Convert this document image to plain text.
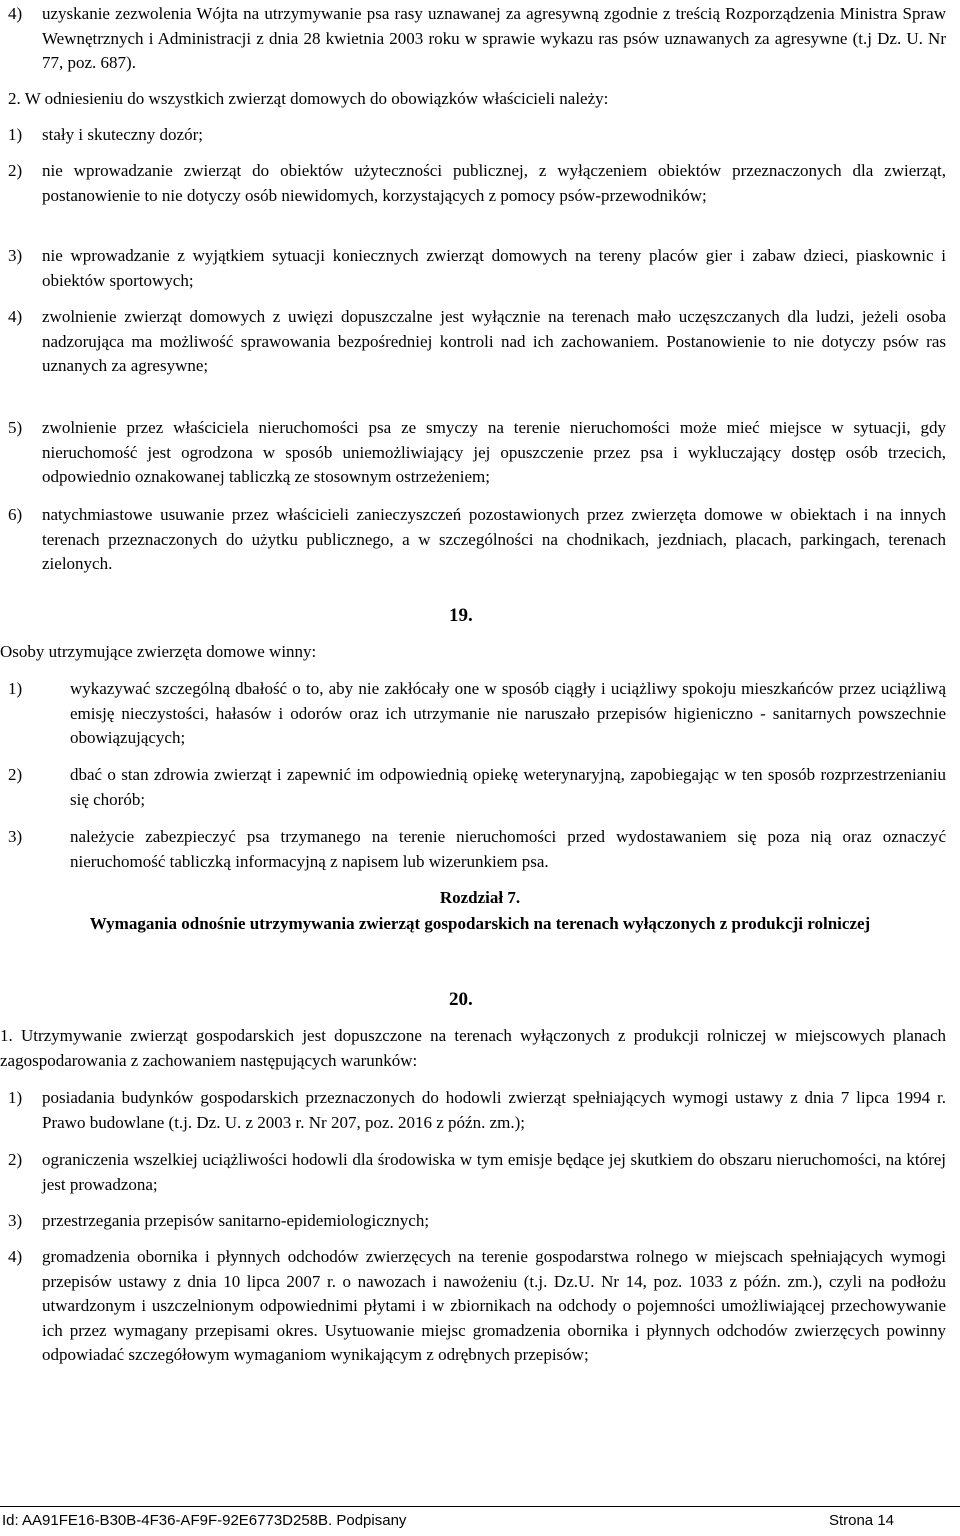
4) uzyskanie zezwolenia Wójta na utrzymywanie psa rasy uznawanej za agresywną zgodnie z treścią Rozporządzenia Ministra Spraw Wewnętrznych i Administracji z dnia 28 kwietnia 2003 roku w sprawie wykazu ras psów uznawanych za agresywne (t.j Dz. U. Nr 77, poz. 687).
2. W odniesieniu do wszystkich zwierząt domowych do obowiązków właścicieli należy:
1) stały i skuteczny dozór;
2) nie wprowadzanie zwierząt do obiektów użyteczności publicznej, z wyłączeniem obiektów przeznaczonych dla zwierząt, postanowienie to nie dotyczy osób niewidomych, korzystających z pomocy psów-przewodników;
3) nie wprowadzanie z wyjątkiem sytuacji koniecznych zwierząt domowych na tereny placów gier i zabaw dzieci, piaskownic i obiektów sportowych;
4) zwolnienie zwierząt domowych z uwięzi dopuszczalne jest wyłącznie na terenach mało uczęszczanych dla ludzi, jeżeli osoba nadzorująca ma możliwość sprawowania bezpośredniej kontroli nad ich zachowaniem. Postanowienie to nie dotyczy psów ras uznanych za agresywne;
5) zwolnienie przez właściciela nieruchomości psa ze smyczy na terenie nieruchomości może mieć miejsce w sytuacji, gdy nieruchomość jest ogrodzona w sposób uniemożliwiający jej opuszczenie przez psa i wykluczający dostęp osób trzecich, odpowiednio oznakowanej tabliczką ze stosownym ostrzeżeniem;
6) natychmiastowe usuwanie przez właścicieli zanieczyszczeń pozostawionych przez zwierzęta domowe w obiektach i na innych terenach przeznaczonych do użytku publicznego, a w szczególności na chodnikach, jezdniach, placach, parkingach, terenach zielonych.
19.
Osoby utrzymujące zwierzęta domowe winny:
1)	wykazywać szczególną dbałość o to, aby nie zakłócały one w sposób ciągły i uciążliwy spokoju mieszkańców przez uciążliwą emisję nieczystości, hałasów i odorów oraz ich utrzymanie nie naruszało przepisów higieniczno - sanitarnych powszechnie obowiązujących;
2)	dbać o stan zdrowia zwierząt i zapewnić im odpowiednią opiekę weterynaryjną, zapobiegając w ten sposób rozprzestrzenianiu się chorób;
3)	należycie zabezpieczyć psa trzymanego na terenie nieruchomości przed wydostawaniem się poza nią oraz oznaczyć nieruchomość tabliczką informacyjną z napisem lub wizerunkiem psa.
Rozdział 7.
Wymagania odnośnie utrzymywania zwierząt gospodarskich na terenach wyłączonych z produkcji rolniczej
20.
1. Utrzymywanie zwierząt gospodarskich jest dopuszczone na terenach wyłączonych z produkcji rolniczej w miejscowych planach zagospodarowania z zachowaniem następujących warunków:
1) posiadania budynków gospodarskich przeznaczonych do hodowli zwierząt spełniających wymogi ustawy z dnia 7 lipca 1994 r. Prawo budowlane (t.j. Dz. U. z 2003 r. Nr 207, poz. 2016 z późn. zm.);
2) ograniczenia wszelkiej uciążliwości hodowli dla środowiska w tym emisje będące jej skutkiem do obszaru nieruchomości, na której jest prowadzona;
3) przestrzegania przepisów sanitarno-epidemiologicznych;
4) gromadzenia obornika i płynnych odchodów zwierzęcych na terenie gospodarstwa rolnego w miejscach spełniających wymogi przepisów ustawy z dnia 10 lipca 2007 r. o nawozach i nawożeniu (t.j. Dz.U. Nr 14, poz. 1033 z późn. zm.), czyli na podłożu utwardzonym i uszczelnionym odpowiednimi płytami i w zbiornikach na odchody o pojemności umożliwiającej przechowywanie ich przez wymagany przepisami okres. Usytuowanie miejsc gromadzenia obornika i płynnych odchodów zwierzęcych powinny odpowiadać szczegółowym wymaganiom wynikającym z odrębnych przepisów;
Id: AA91FE16-B30B-4F36-AF9F-92E6773D258B. Podpisany	Strona 14
